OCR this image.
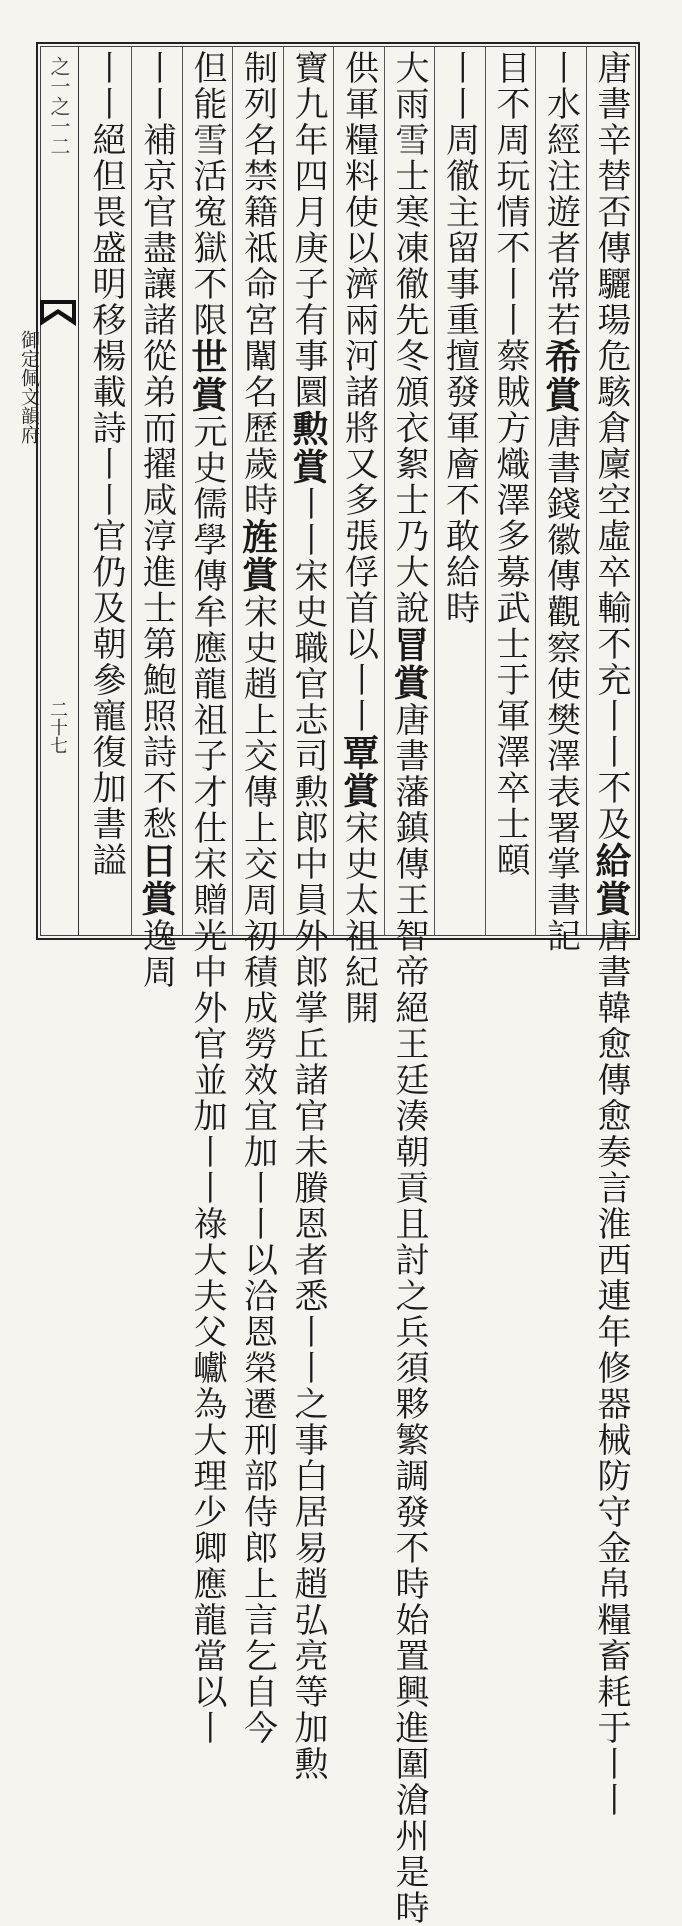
之一之一二
御定佩文韻府
二十七
唐書辛替否傳驪瑒危駭倉廩空虛卒輸不充丨丨不及給賞唐書韓愈傳愈奏言淮西連年修器械防守金帛糧畜耗于丨丨
丨水經注遊者常若希賞唐書錢徽傳觀察使樊澤表署掌書記
目不周玩情不丨丨蔡賊方熾澤多募武士于軍澤卒士頤
丨丨周徹主留事重擅發軍廥不敢給時
大雨雪士寒凍徹先冬頒衣絮士乃大說冒賞唐書藩鎮傳王智帝絕王廷湊朝貢且討之兵須夥繁調發不時始置興進圍滄州是時
供軍糧料使以濟兩河諸將又多張俘首以丨丨覃賞宋史太祖紀開
寶九年四月庚子有事圜勲賞丨丨宋史職官志司勲郎中員外郎掌丘諸官未賸恩者悉丨丨之事白居易趙弘亮等加勲
制列名禁籍祗命宮闈名歷歲時旌賞宋史趙上交傳上交周初積成勞效宜加丨丨以洽恩榮遷刑部侍郎上言乞自今
但能雪活寃獄不限世賞元史儒學傳牟應龍祖子才仕宋贈光中外官並加丨丨祿大夫父巘為大理少卿應龍當以丨
丨丨補京官盡讓諸從弟而擢咸淳進士第鮑照詩不愁日賞逸周
丨丨絕但畏盛明移楊載詩丨丨官仍及朝參寵復加書謚
